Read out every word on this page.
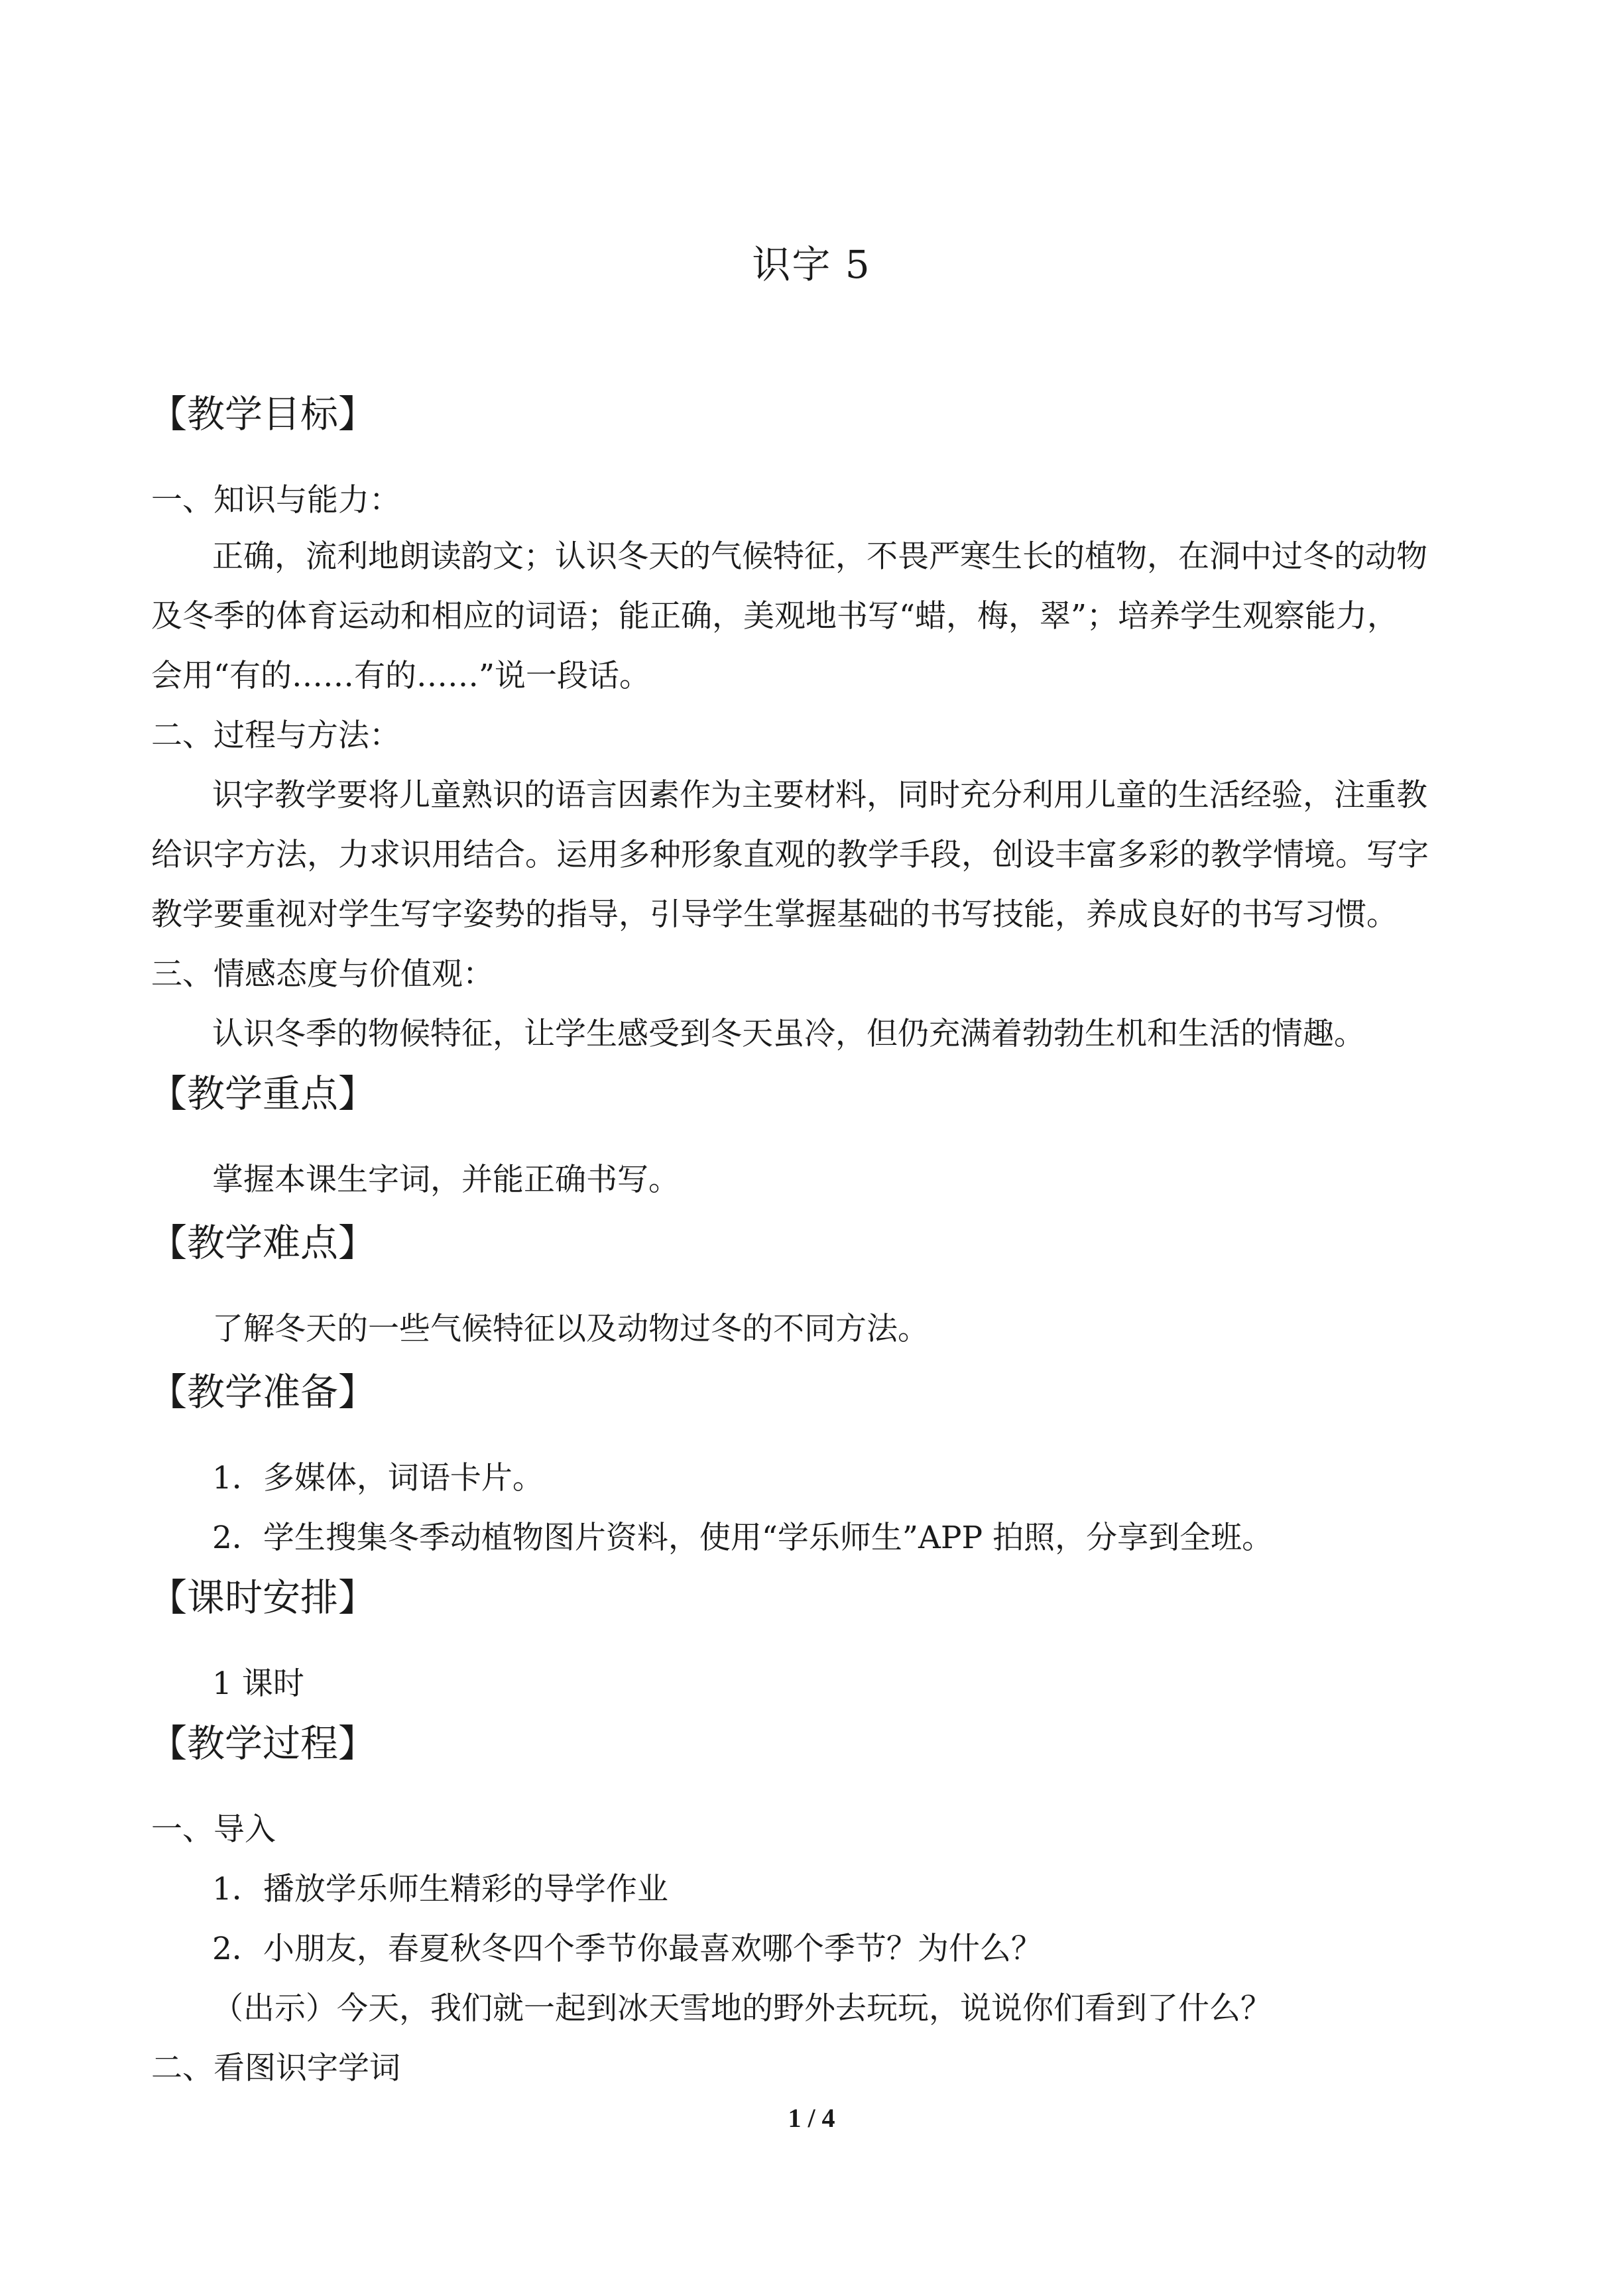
识字 5
【教学目标】
一、知识与能力：
正确，流利地朗读韵文；认识冬天的气候特征，不畏严寒生长的植物，在洞中过冬的动物
及冬季的体育运动和相应的词语；能正确，美观地书写“蜡，梅，翠”；培养学生观察能力，
会用“有的……有的……”说一段话。
二、过程与方法：
识字教学要将儿童熟识的语言因素作为主要材料，同时充分利用儿童的生活经验，注重教
给识字方法，力求识用结合。运用多种形象直观的教学手段，创设丰富多彩的教学情境。写字
教学要重视对学生写字姿势的指导，引导学生掌握基础的书写技能，养成良好的书写习惯。
三、情感态度与价值观：
认识冬季的物候特征，让学生感受到冬天虽冷，但仍充满着勃勃生机和生活的情趣。
【教学重点】
掌握本课生字词，并能正确书写。
【教学难点】
了解冬天的一些气候特征以及动物过冬的不同方法。
【教学准备】
1．多媒体，词语卡片。
2．学生搜集冬季动植物图片资料，使用“学乐师生”APP 拍照，分享到全班。
【课时安排】
1 课时
【教学过程】
一、导入
1．播放学乐师生精彩的导学作业
2．小朋友，春夏秋冬四个季节你最喜欢哪个季节？为什么？
（出示）今天，我们就一起到冰天雪地的野外去玩玩，说说你们看到了什么？
二、看图识字学词
1 / 4
